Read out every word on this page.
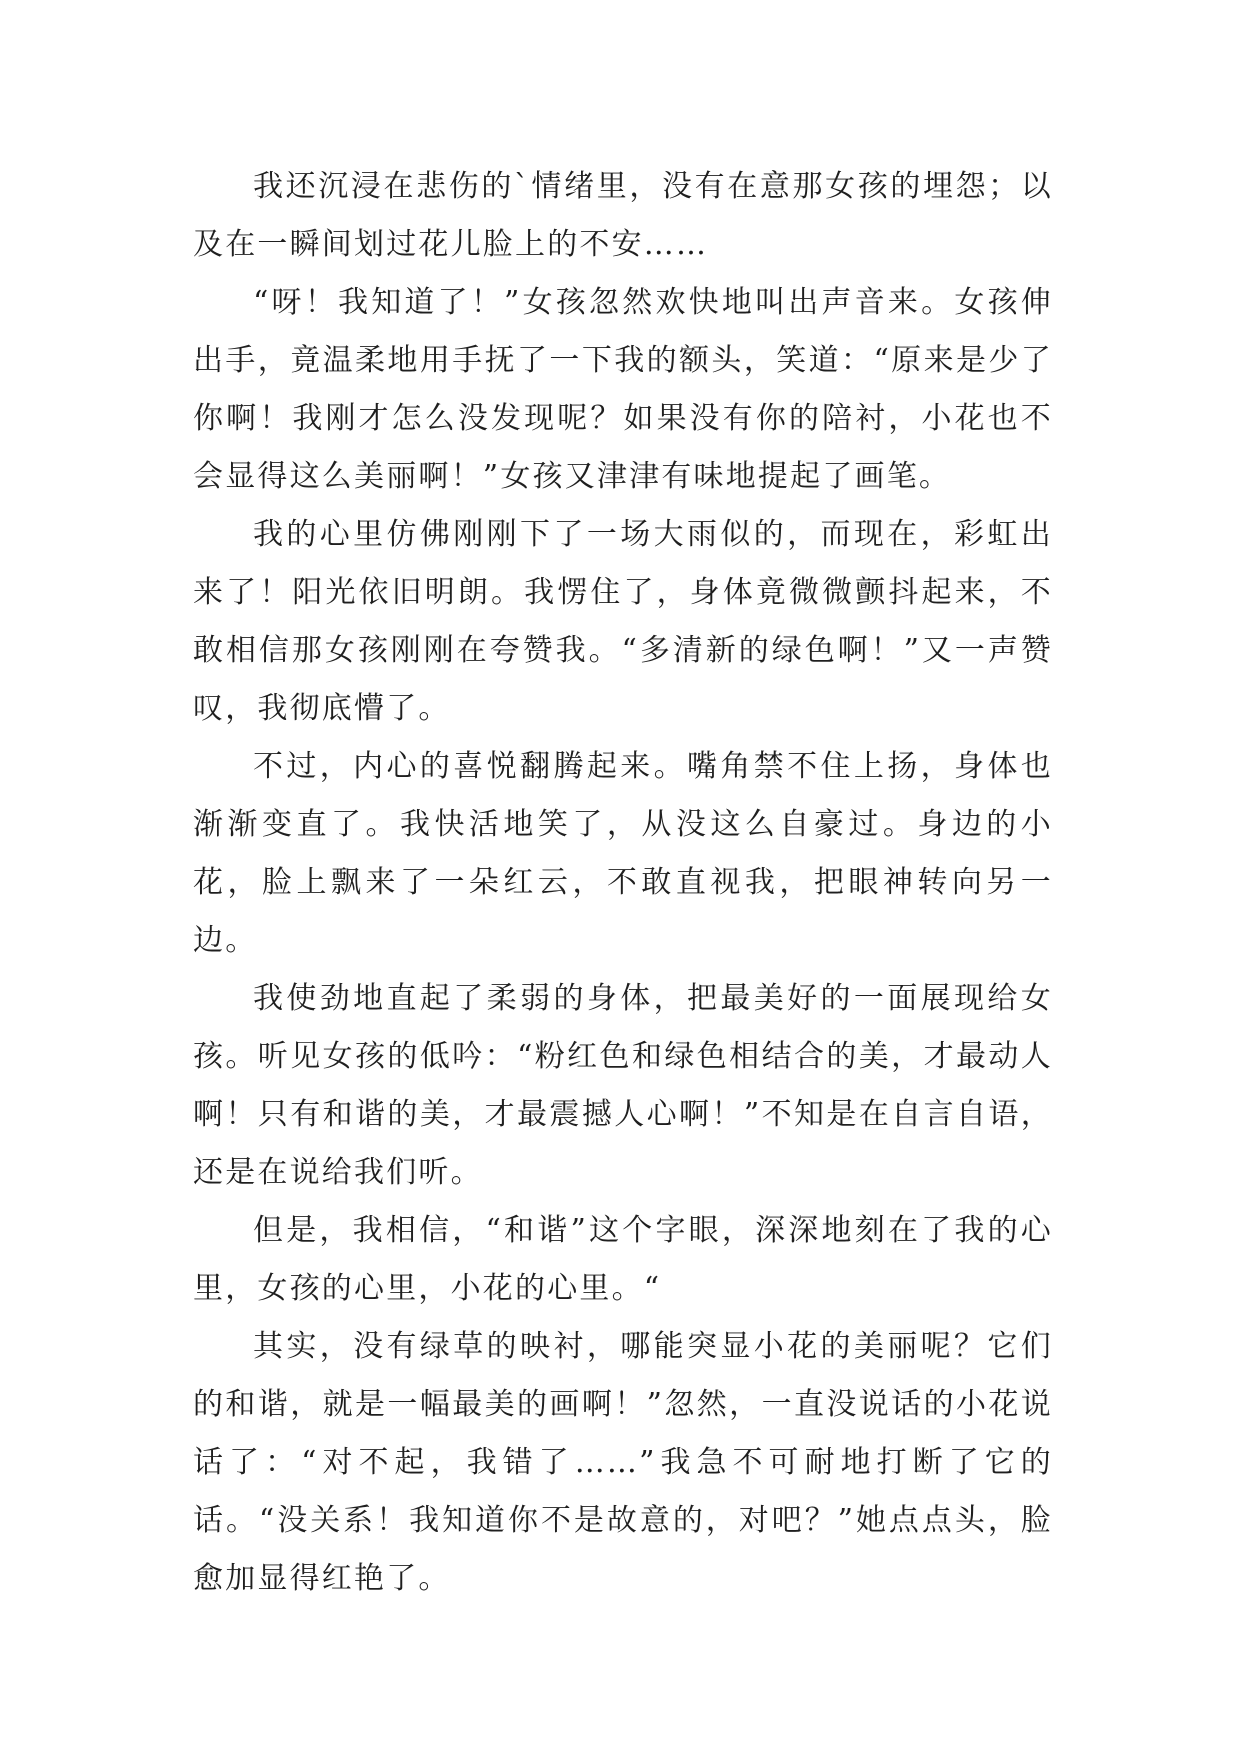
我还沉浸在悲伤的`情绪里，没有在意那女孩的埋怨；以及在一瞬间划过花儿脸上的不安……

“呀！我知道了！”女孩忽然欢快地叫出声音来。女孩伸出手，竟温柔地用手抚了一下我的额头，笑道：“原来是少了你啊！我刚才怎么没发现呢？如果没有你的陪衬，小花也不会显得这么美丽啊！”女孩又津津有味地提起了画笔。

我的心里仿佛刚刚下了一场大雨似的，而现在，彩虹出来了！阳光依旧明朗。我愣住了，身体竟微微颤抖起来，不敢相信那女孩刚刚在夸赞我。“多清新的绿色啊！”又一声赞叹，我彻底懵了。

不过，内心的喜悦翻腾起来。嘴角禁不住上扬，身体也渐渐变直了。我快活地笑了，从没这么自豪过。身边的小花，脸上飘来了一朵红云，不敢直视我，把眼神转向另一边。

我使劲地直起了柔弱的身体，把最美好的一面展现给女孩。听见女孩的低吟：“粉红色和绿色相结合的美，才最动人啊！只有和谐的美，才最震撼人心啊！”不知是在自言自语，还是在说给我们听。

但是，我相信，“和谐”这个字眼，深深地刻在了我的心里，女孩的心里，小花的心里。“

其实，没有绿草的映衬，哪能突显小花的美丽呢？它们的和谐，就是一幅最美的画啊！”忽然，一直没说话的小花说话了：“对不起，我错了……”我急不可耐地打断了它的话。“没关系！我知道你不是故意的，对吧？”她点点头，脸愈加显得红艳了。
